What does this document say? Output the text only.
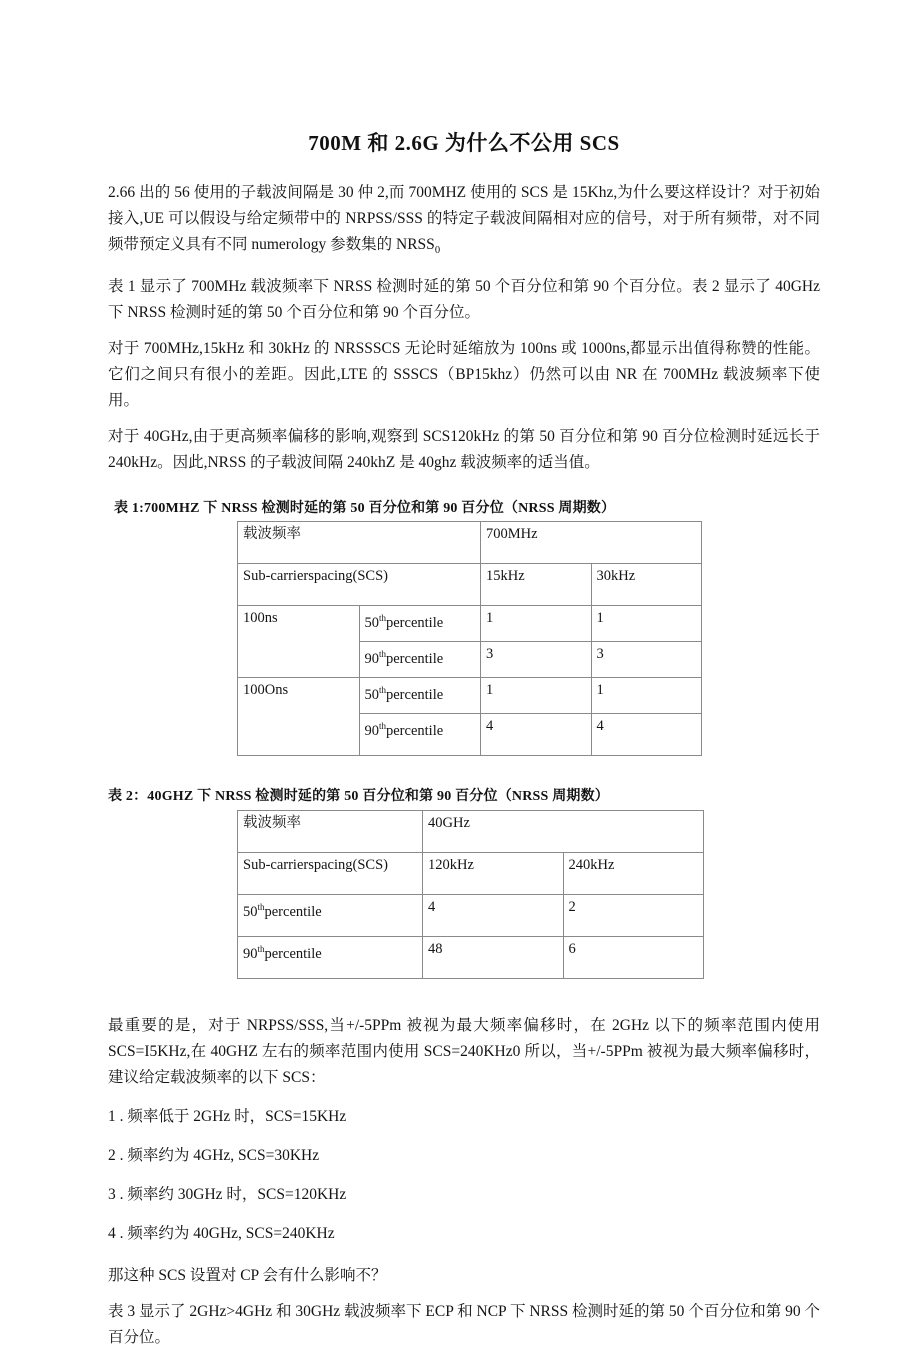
700M 和 2.6G 为什么不公用 SCS

2.66 出的 56 使用的子载波间隔是 30 仲 2,而 700MHZ 使用的 SCS 是 15Khz,为什么要这样设计？对于初始接入,UE 可以假设与给定频带中的 NRPSS/SSS 的特定子载波间隔相对应的信号，对于所有频带，对不同频带预定义具有不同 numerology 参数集的 $NRSS_0$

表 1 显示了 700MHz 载波频率下 NRSS 检测时延的第 50 个百分位和第 90 个百分位。表 2 显示了 40GHz 下 NRSS 检测时延的第 50 个百分位和第 90 个百分位。

对于 700MHz,15kHz 和 30kHz 的 NRSSSCS 无论时延缩放为 100ns 或 1000ns,都显示出值得称赞的性能。它们之间只有很小的差距。因此,LTE 的 SSSCS（BP15khz）仍然可以由 NR 在 700MHz 载波频率下使用。

对于 40GHz,由于更高频率偏移的影响,观察到 SCS120kHz 的第 50 百分位和第 90 百分位检测时延远长于 240kHz。因此,NRSS 的子载波间隔 240khZ 是 40ghz 载波频率的适当值。

表 1:700MHZ 下 NRSS 检测时延的第 50 百分位和第 90 百分位（NRSS 周期数）

载波频率		700MHz	
Sub-carrierspacing(SCS)		15kHz	30kHz
100ns	50thpercentile	1	1
	90thpercentile	3	3
100Ons	50thpercentile	1	1
	90thpercentile	4	4

表 2：40GHZ 下 NRSS 检测时延的第 50 百分位和第 90 百分位（NRSS 周期数）

载波频率	40GHz	
Sub-carrierspacing(SCS)	120kHz	240kHz
50thpercentile	4	2
90thpercentile	48	6

最重要的是，对于 NRPSS/SSS,当+/-5PPm 被视为最大频率偏移时，在 2GHz 以下的频率范围内使用 SCS=I5KHz,在 40GHZ 左右的频率范围内使用 SCS=240KHz0 所以，当+/-5PPm 被视为最大频率偏移时，建议给定载波频率的以下 SCS：

1 . 频率低于 2GHz 时，SCS=15KHz

2 . 频率约为 4GHz, SCS=30KHz

3 . 频率约 30GHz 时，SCS=120KHz

4 . 频率约为 40GHz, SCS=240KHz

那这种 SCS 设置对 CP 会有什么影响不？

表 3 显示了 2GHz>4GHz 和 30GHz 载波频率下 ECP 和 NCP 下 NRSS 检测时延的第 50 个百分位和第 90 个百分位。
